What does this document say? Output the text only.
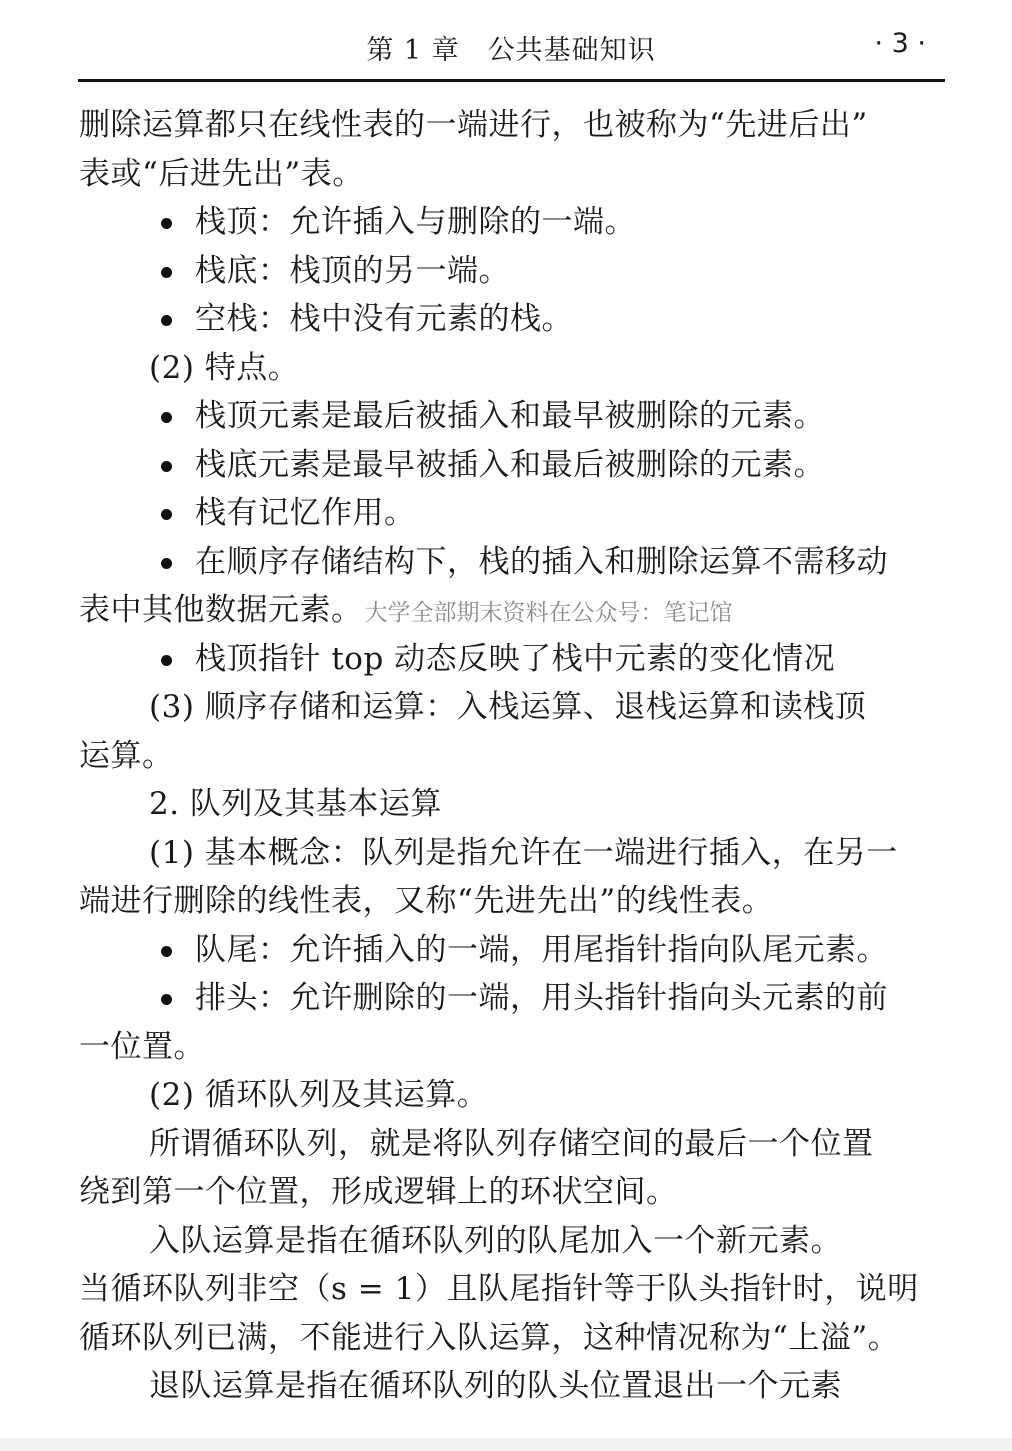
第 1 章　公共基础知识	· 3 ·
删除运算都只在线性表的一端进行，也被称为“先进后出”
表或“后进先出”表。
栈顶：允许插入与删除的一端。
栈底：栈顶的另一端。
空栈：栈中没有元素的栈。
(2) 特点。
栈顶元素是最后被插入和最早被删除的元素。
栈底元素是最早被插入和最后被删除的元素。
栈有记忆作用。
在顺序存储结构下，栈的插入和删除运算不需移动
表中其他数据元素。大学全部期末资料在公众号：笔记馆
栈顶指针 top 动态反映了栈中元素的变化情况
(3) 顺序存储和运算：入栈运算、退栈运算和读栈顶
运算。
2. 队列及其基本运算
(1) 基本概念：队列是指允许在一端进行插入，在另一
端进行删除的线性表，又称“先进先出”的线性表。
队尾：允许插入的一端，用尾指针指向队尾元素。
排头：允许删除的一端，用头指针指向头元素的前
一位置。
(2) 循环队列及其运算。
所谓循环队列，就是将队列存储空间的最后一个位置
绕到第一个位置，形成逻辑上的环状空间。
入队运算是指在循环队列的队尾加入一个新元素。
当循环队列非空（s = 1）且队尾指针等于队头指针时，说明
循环队列已满，不能进行入队运算，这种情况称为“上溢”。
退队运算是指在循环队列的队头位置退出一个元素
